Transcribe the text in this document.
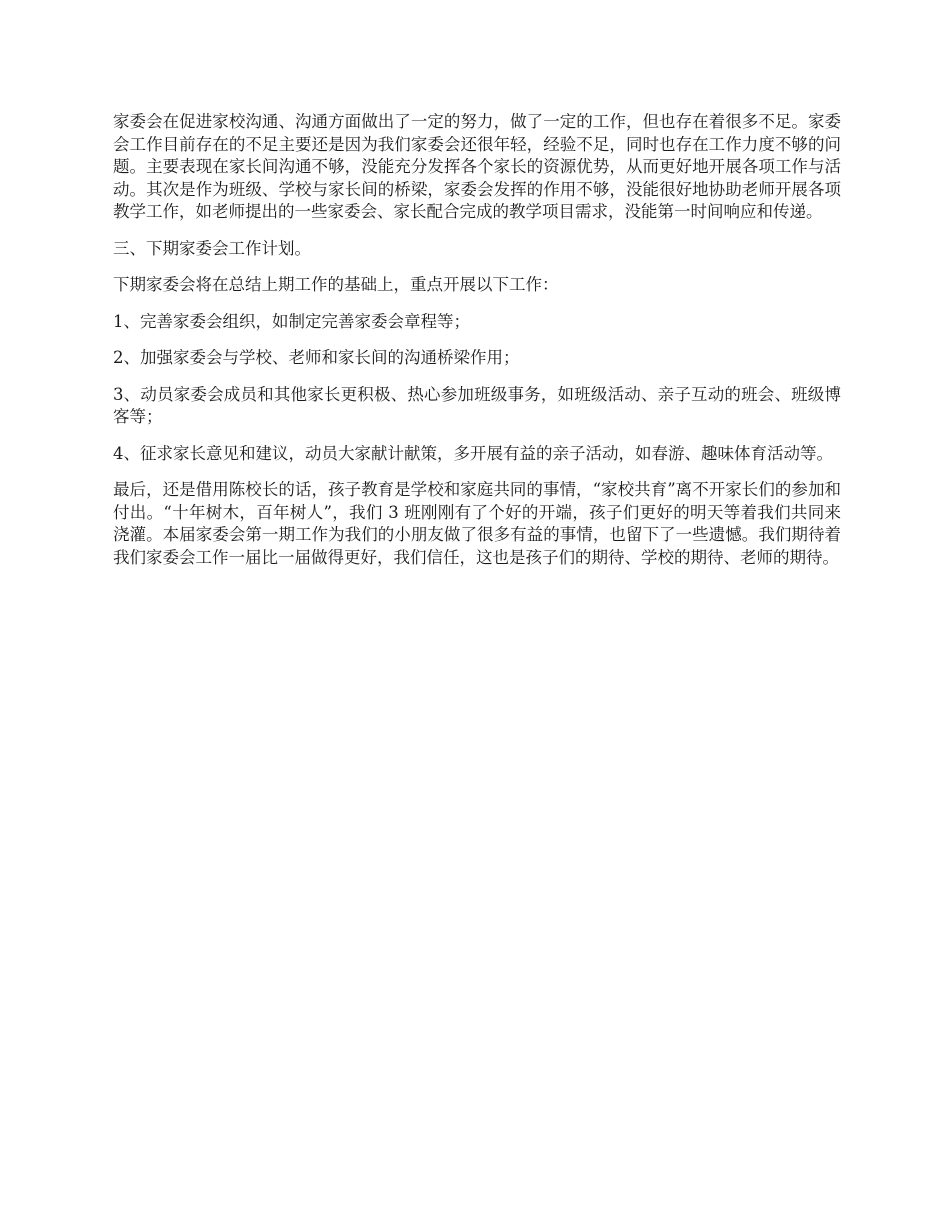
家委会在促进家校沟通、沟通方面做出了一定的努力，做了一定的工作，但也存在着很多不足。家委会工作目前存在的不足主要还是因为我们家委会还很年轻，经验不足，同时也存在工作力度不够的问题。主要表现在家长间沟通不够，没能充分发挥各个家长的资源优势，从而更好地开展各项工作与活动。其次是作为班级、学校与家长间的桥梁，家委会发挥的作用不够，没能很好地协助老师开展各项教学工作，如老师提出的一些家委会、家长配合完成的教学项目需求，没能第一时间响应和传递。

三、下期家委会工作计划。

下期家委会将在总结上期工作的基础上，重点开展以下工作：

1、完善家委会组织，如制定完善家委会章程等；

2、加强家委会与学校、老师和家长间的沟通桥梁作用；

3、动员家委会成员和其他家长更积极、热心参加班级事务，如班级活动、亲子互动的班会、班级博客等；

4、征求家长意见和建议，动员大家献计献策，多开展有益的亲子活动，如春游、趣味体育活动等。

最后，还是借用陈校长的话，孩子教育是学校和家庭共同的事情，“家校共育”离不开家长们的参加和付出。“十年树木，百年树人”，我们 3 班刚刚有了个好的开端，孩子们更好的明天等着我们共同来浇灌。本届家委会第一期工作为我们的小朋友做了很多有益的事情，也留下了一些遗憾。我们期待着我们家委会工作一届比一届做得更好，我们信任，这也是孩子们的期待、学校的期待、老师的期待。
